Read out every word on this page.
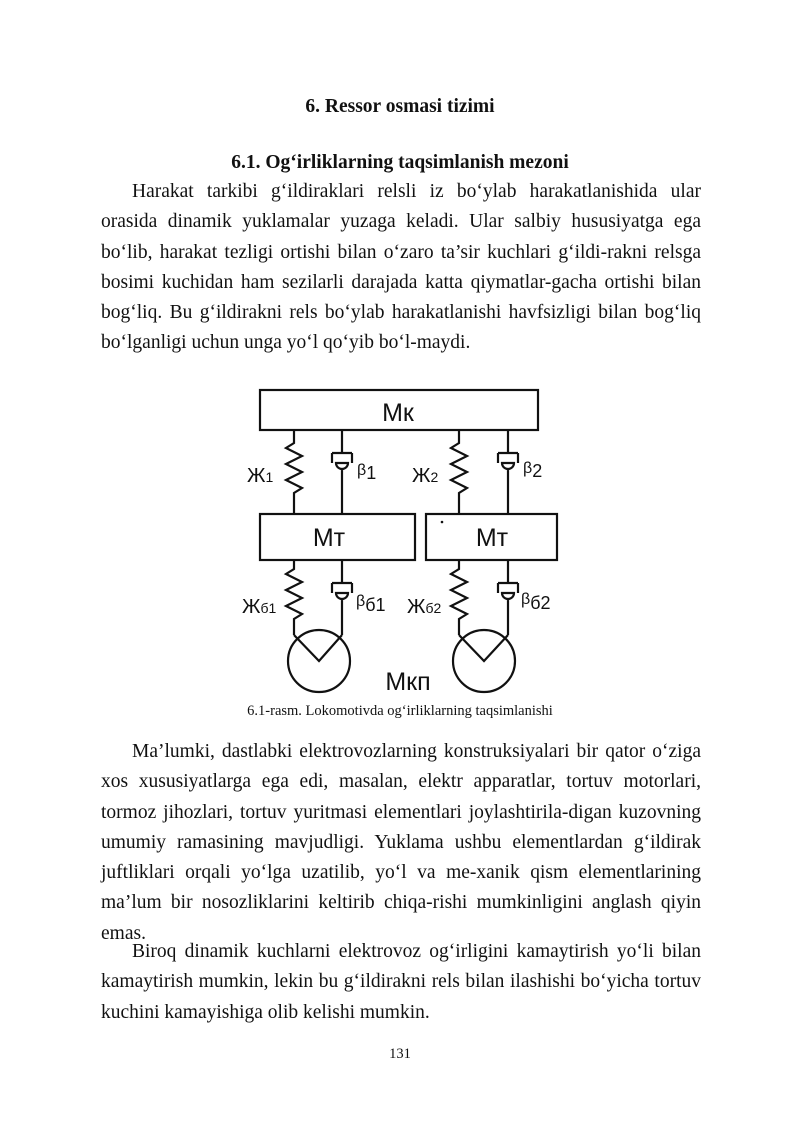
6. Ressor osmasi tizimi
6.1. Og‘irliklarning taqsimlanish mezoni

Harakat tarkibi g‘ildiraklari relsli iz bo‘ylab harakatlanishida ular orasida dinamik yuklamalar yuzaga keladi. Ular salbiy hususiyatga ega bo‘lib, harakat tezligi ortishi bilan o‘zaro ta’sir kuchlari g‘ildi-rakni relsga bosimi kuchidan ham sezilarli darajada katta qiymatlar-gacha ortishi bilan bog‘liq. Bu g‘ildirakni rels bo‘ylab harakatlanishi havfsizligi bilan bog‘liq bo‘lganligi uchun unga yo‘l qo‘yib bo‘l-maydi.

Мк
Мт	Мт
Мкп
Ж1	β1 Ж2	β2
Жб1	βб1 Жб2	βб2
6.1-rasm. Lokomotivda og‘irliklarning taqsimlanishi

Ma’lumki, dastlabki elektrovozlarning konstruksiyalari bir qator o‘ziga xos xususiyatlarga ega edi, masalan, elektr apparatlar, tortuv motorlari, tormoz jihozlari, tortuv yuritmasi elementlari joylashtirila-digan kuzovning umumiy ramasining mavjudligi. Yuklama ushbu elementlardan g‘ildirak juftliklari orqali yo‘lga uzatilib, yo‘l va me-xanik qism elementlarining ma’lum bir nosozliklarini keltirib chiqa-rishi mumkinligini anglash qiyin emas.

Biroq dinamik kuchlarni elektrovoz og‘irligini kamaytirish yo‘li bilan kamaytirish mumkin, lekin bu g‘ildirakni rels bilan ilashishi bo‘yicha tortuv kuchini kamayishiga olib kelishi mumkin.

131
